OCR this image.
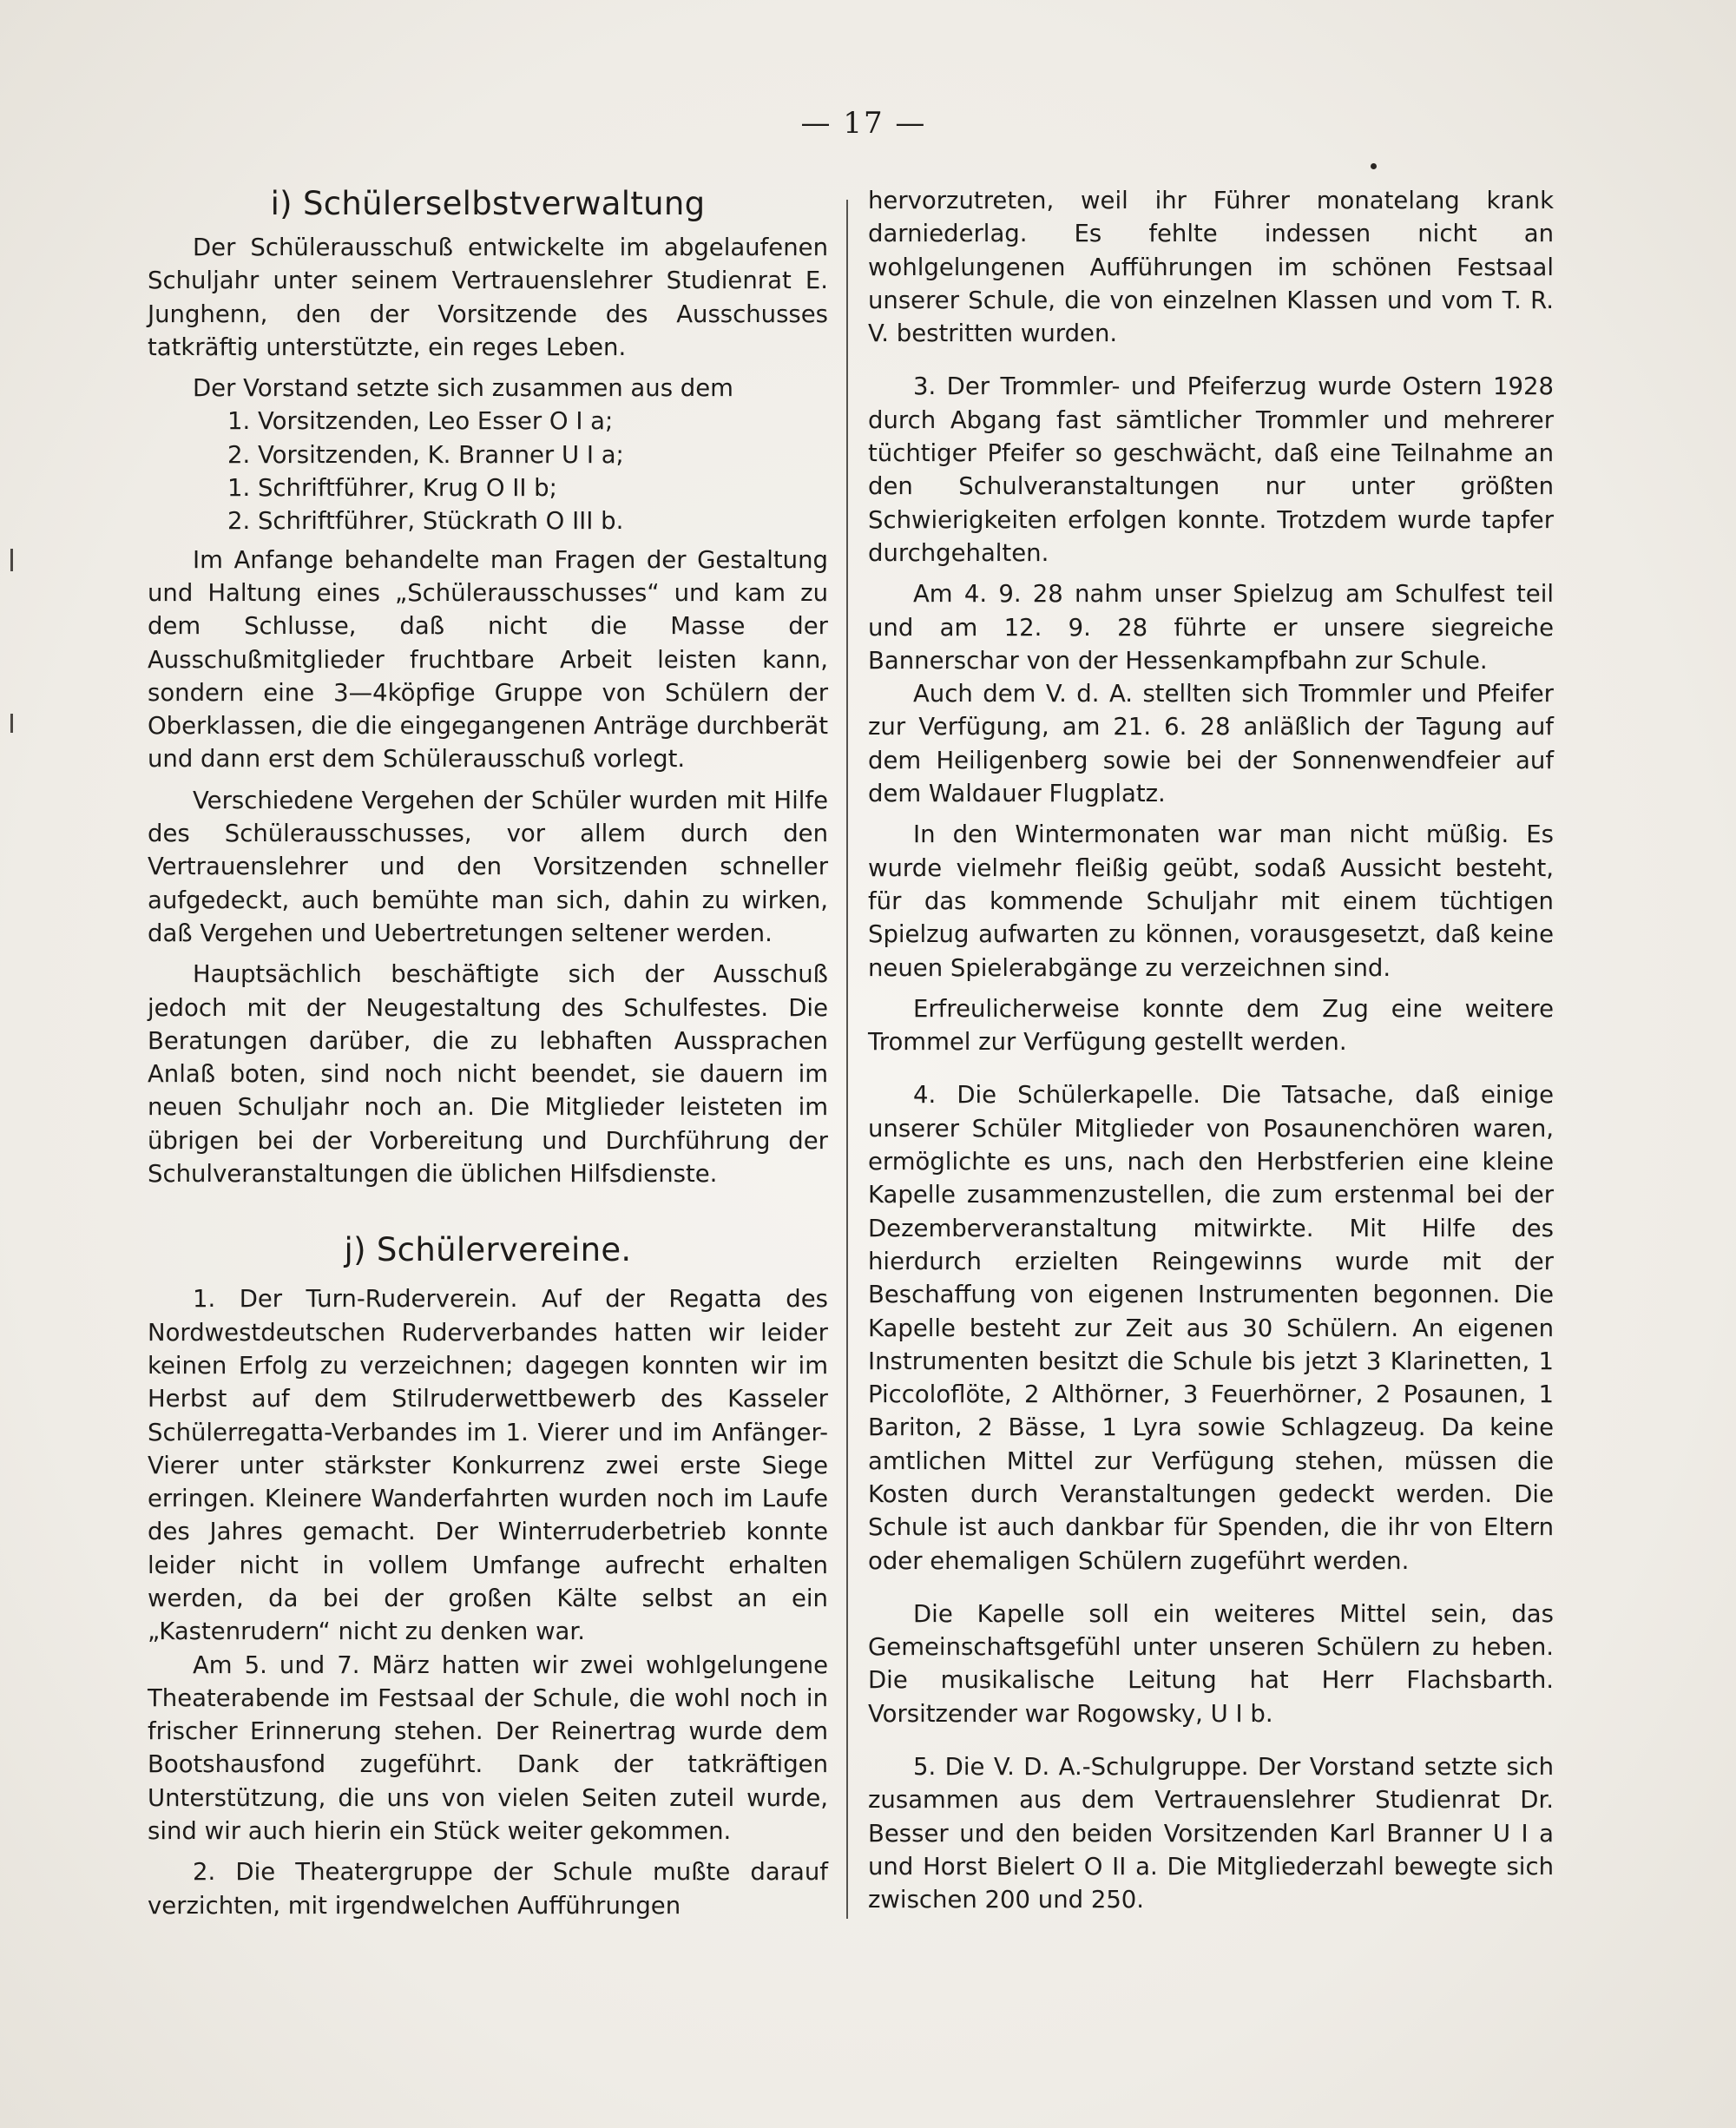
— 17 —
i) Schülerselbstverwaltung

Der Schülerausschuß entwickelte im abgelaufenen Schuljahr unter seinem Vertrauenslehrer Studienrat E. Junghenn, den der Vorsitzende des Ausschusses tatkräftig unterstützte, ein reges Leben.

Der Vorstand setzte sich zusammen aus dem

1. Vorsitzenden, Leo Esser O I a;
2. Vorsitzenden, K. Branner U I a;
1. Schriftführer, Krug O II b;
2. Schriftführer, Stückrath O III b.

Im Anfange behandelte man Fragen der Gestaltung und Haltung eines „Schülerausschusses“ und kam zu dem Schlusse, daß nicht die Masse der Ausschußmitglieder fruchtbare Arbeit leisten kann, sondern eine 3—4köpfige Gruppe von Schülern der Oberklassen, die die eingegangenen Anträge durchberät und dann erst dem Schülerausschuß vorlegt.

Verschiedene Vergehen der Schüler wurden mit Hilfe des Schülerausschusses, vor allem durch den Vertrauenslehrer und den Vorsitzenden schneller aufgedeckt, auch bemühte man sich, dahin zu wirken, daß Vergehen und Uebertretungen seltener werden.

Hauptsächlich beschäftigte sich der Ausschuß jedoch mit der Neugestaltung des Schulfestes. Die Beratungen darüber, die zu lebhaften Aussprachen Anlaß boten, sind noch nicht beendet, sie dauern im neuen Schuljahr noch an. Die Mitglieder leisteten im übrigen bei der Vorbereitung und Durchführung der Schulveranstaltungen die üblichen Hilfsdienste.

j) Schülervereine.

1. Der Turn-Ruderverein. Auf der Regatta des Nordwestdeutschen Ruderverbandes hatten wir leider keinen Erfolg zu verzeichnen; dagegen konnten wir im Herbst auf dem Stilruderwettbewerb des Kasseler Schülerregatta-Verbandes im 1. Vierer und im Anfänger-Vierer unter stärkster Konkurrenz zwei erste Siege erringen. Kleinere Wanderfahrten wurden noch im Laufe des Jahres gemacht. Der Winterruderbetrieb konnte leider nicht in vollem Umfange aufrecht erhalten werden, da bei der großen Kälte selbst an ein „Kastenrudern“ nicht zu denken war.

Am 5. und 7. März hatten wir zwei wohlgelungene Theaterabende im Festsaal der Schule, die wohl noch in frischer Erinnerung stehen. Der Reinertrag wurde dem Bootshausfond zugeführt. Dank der tatkräftigen Unterstützung, die uns von vielen Seiten zuteil wurde, sind wir auch hierin ein Stück weiter gekommen.

2. Die Theatergruppe der Schule mußte darauf verzichten, mit irgendwelchen Aufführungen

hervorzutreten, weil ihr Führer monatelang krank darniederlag. Es fehlte indessen nicht an wohlgelungenen Aufführungen im schönen Festsaal unserer Schule, die von einzelnen Klassen und vom T. R. V. bestritten wurden.

3. Der Trommler- und Pfeiferzug wurde Ostern 1928 durch Abgang fast sämtlicher Trommler und mehrerer tüchtiger Pfeifer so geschwächt, daß eine Teilnahme an den Schulveranstaltungen nur unter größten Schwierigkeiten erfolgen konnte. Trotzdem wurde tapfer durchgehalten.

Am 4. 9. 28 nahm unser Spielzug am Schulfest teil und am 12. 9. 28 führte er unsere siegreiche Bannerschar von der Hessenkampfbahn zur Schule.

Auch dem V. d. A. stellten sich Trommler und Pfeifer zur Verfügung, am 21. 6. 28 anläßlich der Tagung auf dem Heiligenberg sowie bei der Sonnenwendfeier auf dem Waldauer Flugplatz.

In den Wintermonaten war man nicht müßig. Es wurde vielmehr fleißig geübt, sodaß Aussicht besteht, für das kommende Schuljahr mit einem tüchtigen Spielzug aufwarten zu können, vorausgesetzt, daß keine neuen Spielerabgänge zu verzeichnen sind.

Erfreulicherweise konnte dem Zug eine weitere Trommel zur Verfügung gestellt werden.

4. Die Schülerkapelle. Die Tatsache, daß einige unserer Schüler Mitglieder von Posaunenchören waren, ermöglichte es uns, nach den Herbstferien eine kleine Kapelle zusammenzustellen, die zum erstenmal bei der Dezemberveranstaltung mitwirkte. Mit Hilfe des hierdurch erzielten Reingewinns wurde mit der Beschaffung von eigenen Instrumenten begonnen. Die Kapelle besteht zur Zeit aus 30 Schülern. An eigenen Instrumenten besitzt die Schule bis jetzt 3 Klarinetten, 1 Piccoloflöte, 2 Althörner, 3 Feuerhörner, 2 Posaunen, 1 Bariton, 2 Bässe, 1 Lyra sowie Schlagzeug. Da keine amtlichen Mittel zur Verfügung stehen, müssen die Kosten durch Veranstaltungen gedeckt werden. Die Schule ist auch dankbar für Spenden, die ihr von Eltern oder ehemaligen Schülern zugeführt werden.

Die Kapelle soll ein weiteres Mittel sein, das Gemeinschaftsgefühl unter unseren Schülern zu heben. Die musikalische Leitung hat Herr Flachsbarth. Vorsitzender war Rogowsky, U I b.

5. Die V. D. A.-Schulgruppe. Der Vorstand setzte sich zusammen aus dem Vertrauenslehrer Studienrat Dr. Besser und den beiden Vorsitzenden Karl Branner U I a und Horst Bielert O II a. Die Mitgliederzahl bewegte sich zwischen 200 und 250.
